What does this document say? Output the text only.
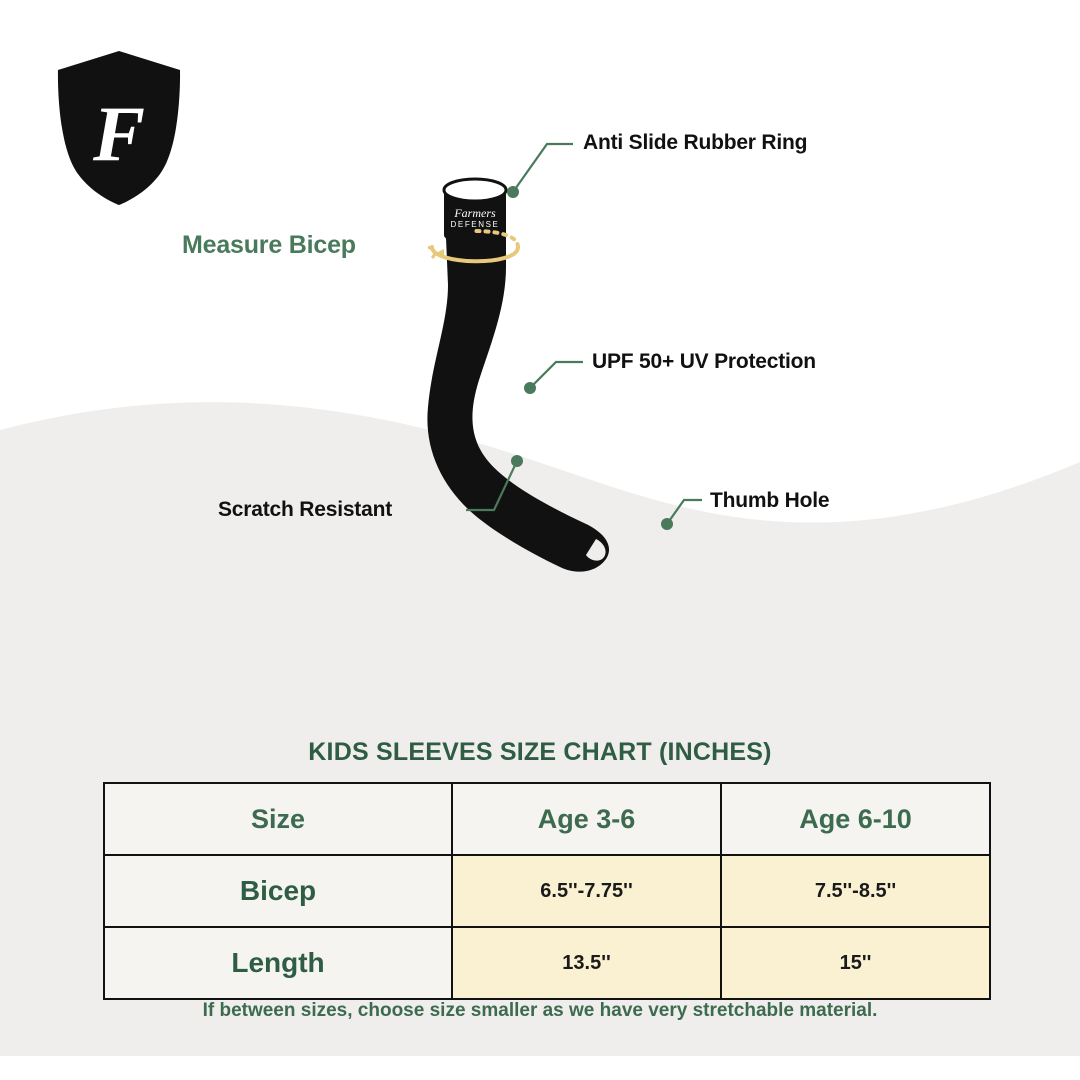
F
Farmers
DEFENSE
Anti Slide Rubber Ring
UPF 50+ UV Protection
Thumb Hole
Scratch Resistant
Measure Bicep
KIDS SLEEVES SIZE CHART (INCHES)
Size	Age 3-6	Age 6-10
Bicep	6.5''-7.75''	7.5''-8.5''
Length	13.5''	15''
If between sizes, choose size smaller as we have very stretchable material.
